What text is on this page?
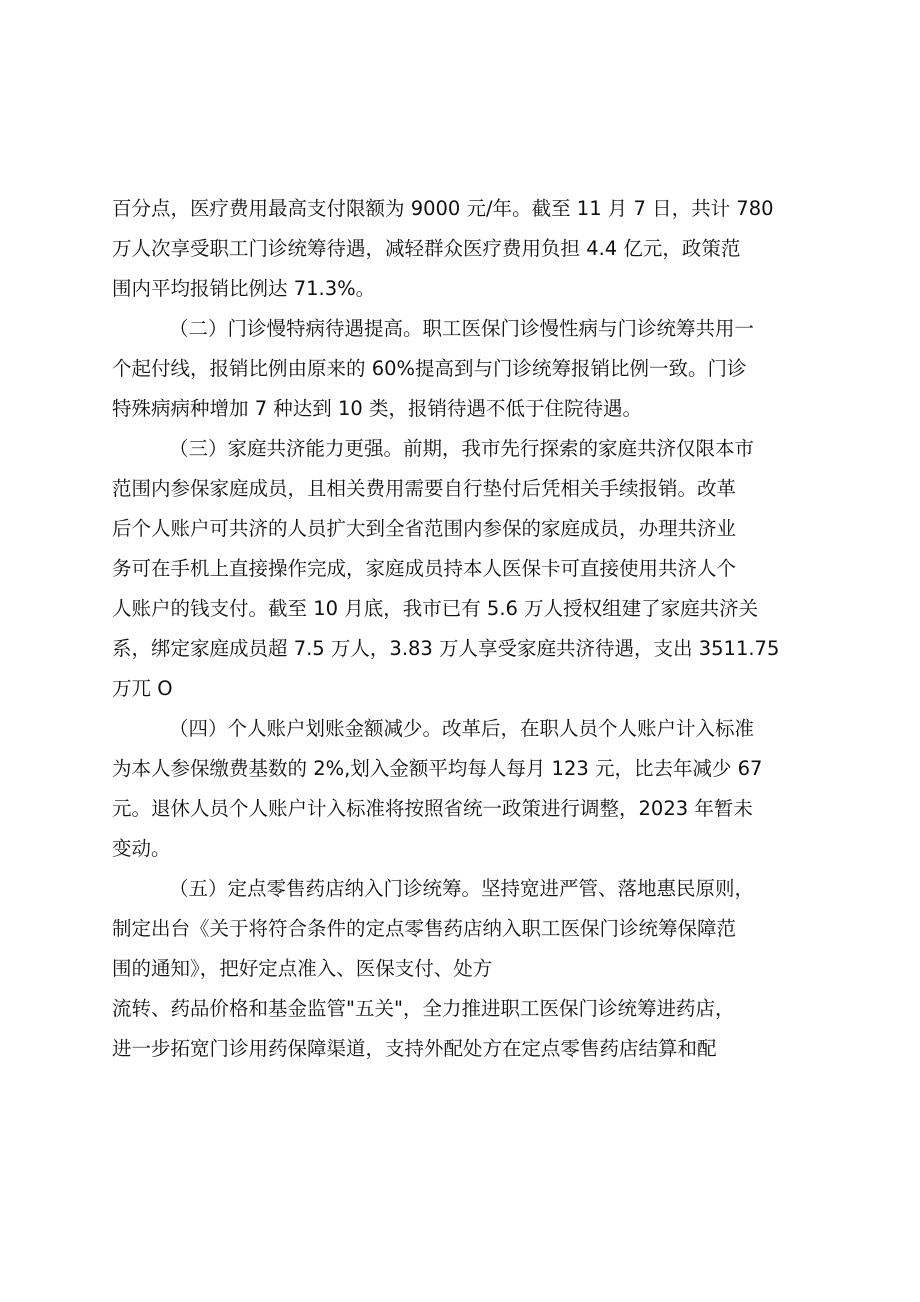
百分点，医疗费用最高支付限额为 9000 元/年。截至 11 月 7 日，共计 780
万人次享受职工门诊统筹待遇，减轻群众医疗费用负担 4.4 亿元，政策范
围内平均报销比例达 71.3%。
（二）门诊慢特病待遇提高。职工医保门诊慢性病与门诊统筹共用一
个起付线，报销比例由原来的 60%提高到与门诊统筹报销比例一致。门诊
特殊病病种增加 7 种达到 10 类，报销待遇不低于住院待遇。
（三）家庭共济能力更强。前期，我市先行探索的家庭共济仅限本市
范围内参保家庭成员，且相关费用需要自行垫付后凭相关手续报销。改革
后个人账户可共济的人员扩大到全省范围内参保的家庭成员，办理共济业
务可在手机上直接操作完成，家庭成员持本人医保卡可直接使用共济人个
人账户的钱支付。截至 10 月底，我市已有 5.6 万人授权组建了家庭共济关
系，绑定家庭成员超 7.5 万人，3.83 万人享受家庭共济待遇，支出 3511.75
万兀 O
（四）个人账户划账金额减少。改革后，在职人员个人账户计入标准
为本人参保缴费基数的 2%,划入金额平均每人每月 123 元，比去年减少 67
元。退休人员个人账户计入标准将按照省统一政策进行调整，2023 年暂未
变动。
（五）定点零售药店纳入门诊统筹。坚持宽进严管、落地惠民原则，
制定出台《关于将符合条件的定点零售药店纳入职工医保门诊统筹保障范
围的通知》，把好定点准入、医保支付、处方
流转、药品价格和基金监管"五关"，全力推进职工医保门诊统筹进药店，
进一步拓宽门诊用药保障渠道，支持外配处方在定点零售药店结算和配
